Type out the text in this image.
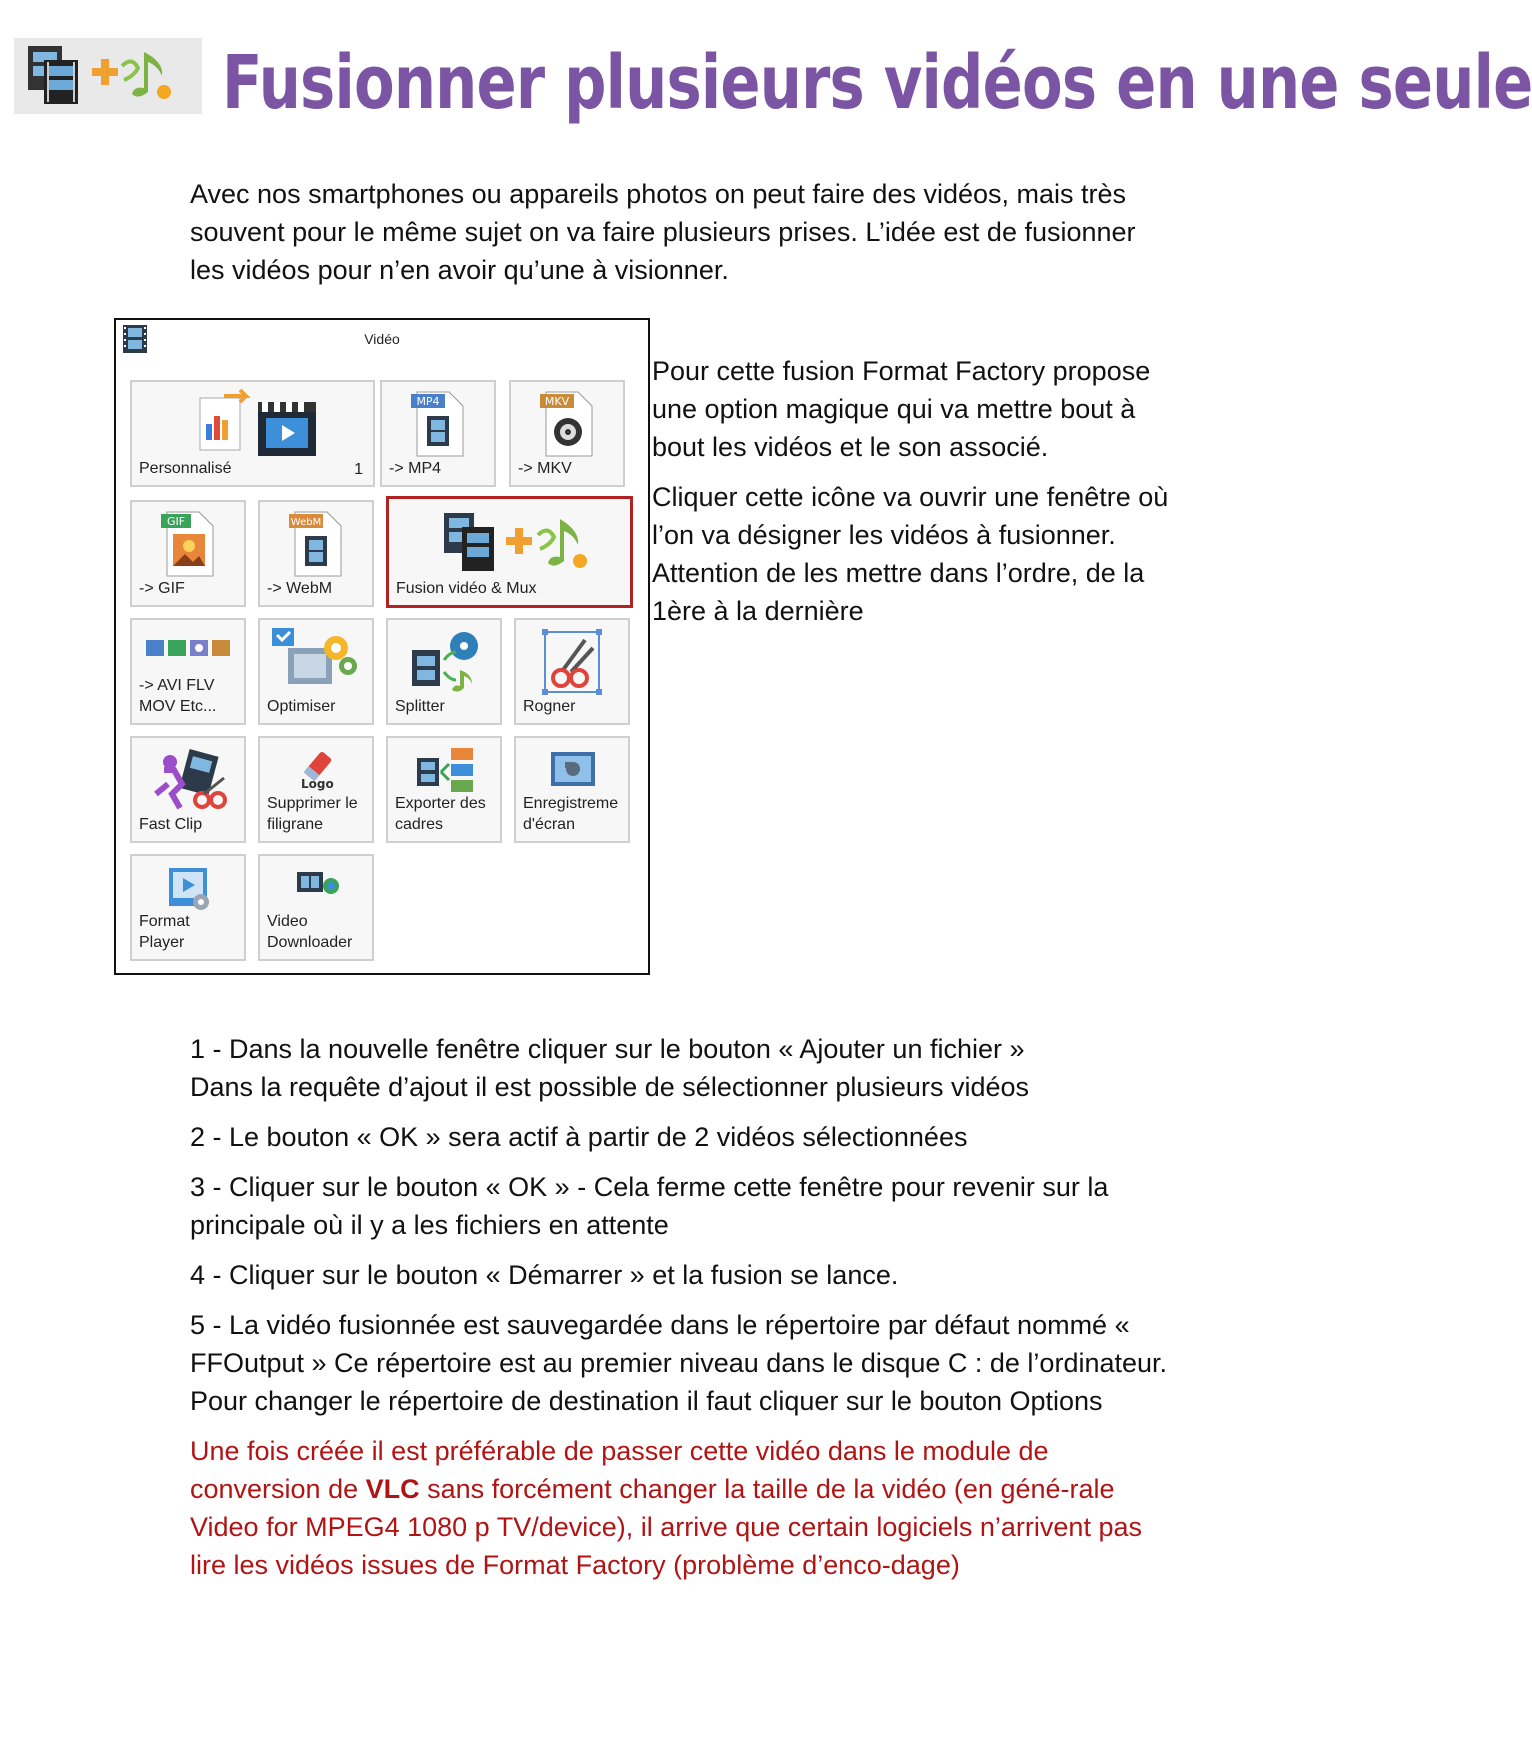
Fusionner plusieurs vidéos en une seule
Avec nos smartphones ou appareils photos on peut faire des vidéos, mais très souvent pour le même sujet on va faire plusieurs prises. L’idée est de fusionner les vidéos pour n’en avoir qu’une à visionner.
Vidéo
Personnalisé	1
MP4
-> MP4
MKV
-> MKV
GIF
-> GIF
WebM
-> WebM	Fusion vidéo & Mux
-> AVI FLV
MOV Etc...	Optimiser	Splitter	Rogner
Fast Clip
Logo
Supprimer le
filigrane
Exporter des
cadres
Enregistreme
d'écran
Format
Player
Video
Downloader

Pour cette fusion Format Factory propose une option magique qui va mettre bout à bout les vidéos et le son associé.

Cliquer cette icône va ouvrir une fenêtre où l’on va désigner les vidéos à fusionner. Attention de les mettre dans l’ordre, de la 1ère à la dernière

1 - Dans la nouvelle fenêtre cliquer sur le bouton « Ajouter un fichier »
Dans la requête d’ajout il est possible de sélectionner plusieurs vidéos

2 - Le bouton « OK » sera actif à partir de 2 vidéos sélectionnées

3 - Cliquer sur le bouton « OK » - Cela ferme cette fenêtre pour revenir sur la principale où il y a les fichiers en attente

4 - Cliquer sur le bouton « Démarrer » et la fusion se lance.

5 - La vidéo fusionnée est sauvegardée dans le répertoire par défaut nommé « FFOutput » Ce répertoire est au premier niveau dans le disque C : de l’ordinateur.
Pour changer le répertoire de destination il faut cliquer sur le bouton Options

Une fois créée il est préférable de passer cette vidéo dans le module de conversion de VLC sans forcément changer la taille de la vidéo (en géné-rale Video for MPEG4 1080 p TV/device), il arrive que certain logiciels n’arrivent pas lire les vidéos issues de Format Factory (problème d’enco-dage)
